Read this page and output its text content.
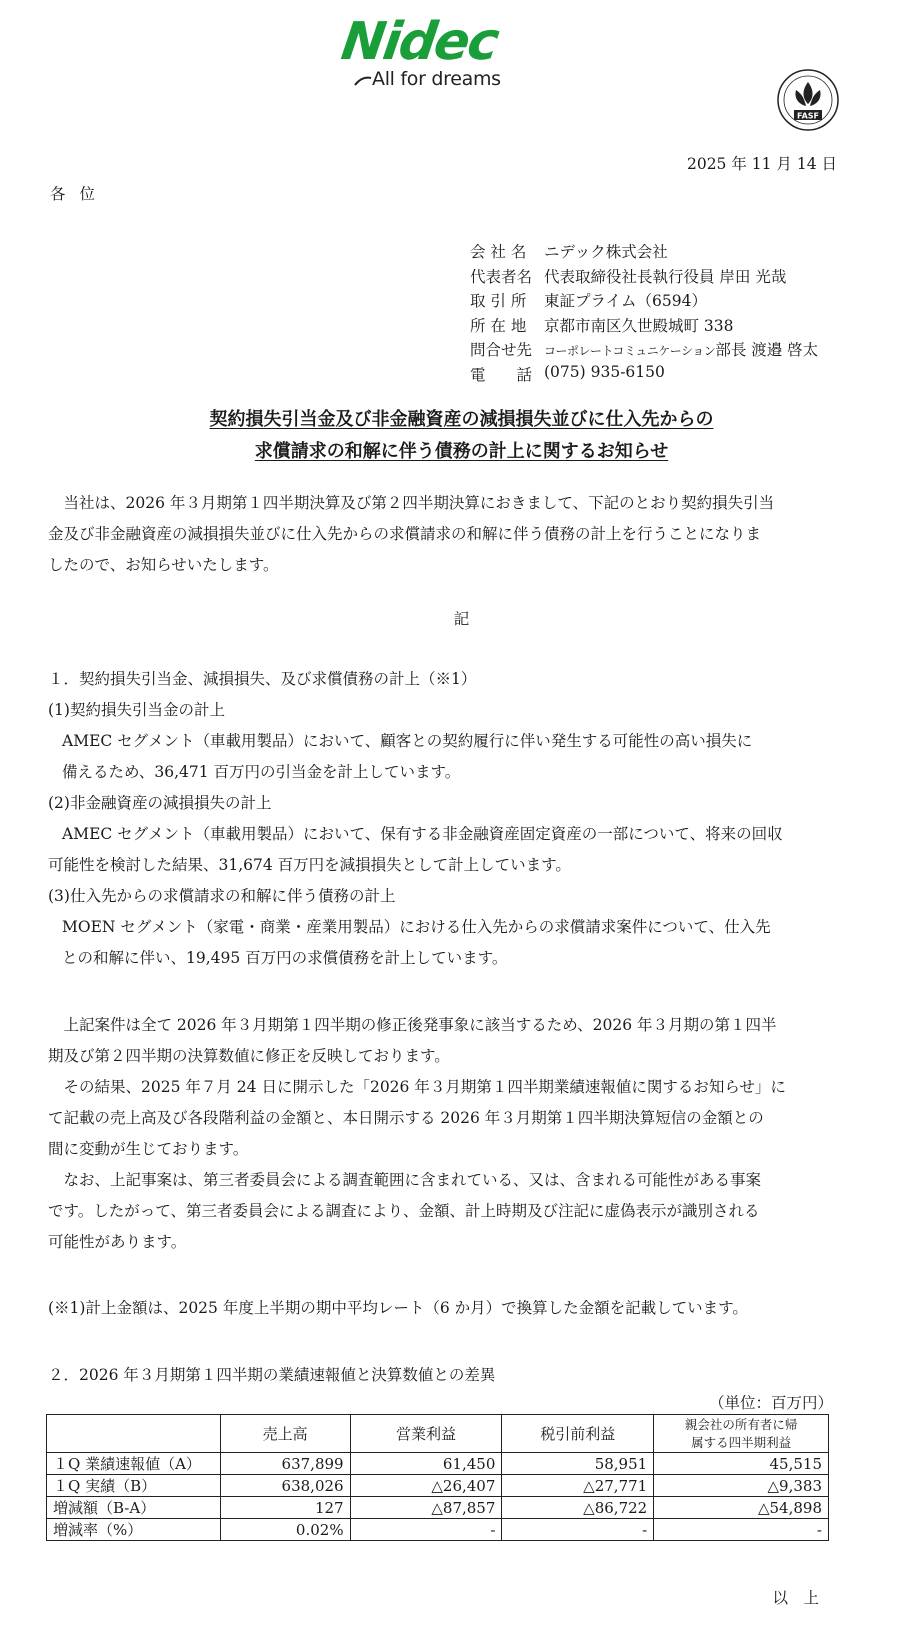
Nidec
All for dreams
FASF
2025 年 11 月 14 日
各位
会 社 名	ニデック株式会社
代表者名 代表取締役社長執行役員 岸田 光哉
取 引 所	東証プライム（6594）
所 在 地	京都市南区久世殿城町 338
問合せ先 コーポレートコミュニケーション部長 渡邉 啓太
電　　話 (075) 935-6150
契約損失引当金及び非金融資産の減損損失並びに仕入先からの
求償請求の和解に伴う債務の計上に関するお知らせ
　当社は、2026 年３月期第１四半期決算及び第２四半期決算におきまして、下記のとおり契約損失引当
金及び非金融資産の減損損失並びに仕入先からの求償請求の和解に伴う債務の計上を行うことになりま
したので、お知らせいたします。
記
１．契約損失引当金、減損損失、及び求償債務の計上（※1）
(1)契約損失引当金の計上
AMEC セグメント（車載用製品）において、顧客との契約履行に伴い発生する可能性の高い損失に
備えるため、36,471 百万円の引当金を計上しています。
(2)非金融資産の減損損失の計上
AMEC セグメント（車載用製品）において、保有する非金融資産固定資産の一部について、将来の回収
可能性を検討した結果、31,674 百万円を減損損失として計上しています。
(3)仕入先からの求償請求の和解に伴う債務の計上
MOEN セグメント（家電・商業・産業用製品）における仕入先からの求償請求案件について、仕入先
との和解に伴い、19,495 百万円の求償債務を計上しています。
　上記案件は全て 2026 年３月期第１四半期の修正後発事象に該当するため、2026 年３月期の第１四半
期及び第２四半期の決算数値に修正を反映しております。
　その結果、2025 年７月 24 日に開示した「2026 年３月期第１四半期業績速報値に関するお知らせ」に
て記載の売上高及び各段階利益の金額と、本日開示する 2026 年３月期第１四半期決算短信の金額との
間に変動が生じております。
　なお、上記事案は、第三者委員会による調査範囲に含まれている、又は、含まれる可能性がある事案
です。したがって、第三者委員会による調査により、金額、計上時期及び注記に虚偽表示が識別される
可能性があります。
(※1)計上金額は、2025 年度上半期の期中平均レート（6 か月）で換算した金額を記載しています。
２．2026 年３月期第１四半期の業績速報値と決算数値との差異
（単位：百万円）
	売上高	営業利益	税引前利益	親会社の所有者に帰
属する四半期利益

１Q 業績速報値（A）	637,899	61,450	58,951	45,515
１Q 実績（B）	638,026	△26,407	△27,771	△9,383
増減額（B-A）	127	△87,857	△86,722	△54,898
増減率（%）	0.02%	-	-	-
以　上
